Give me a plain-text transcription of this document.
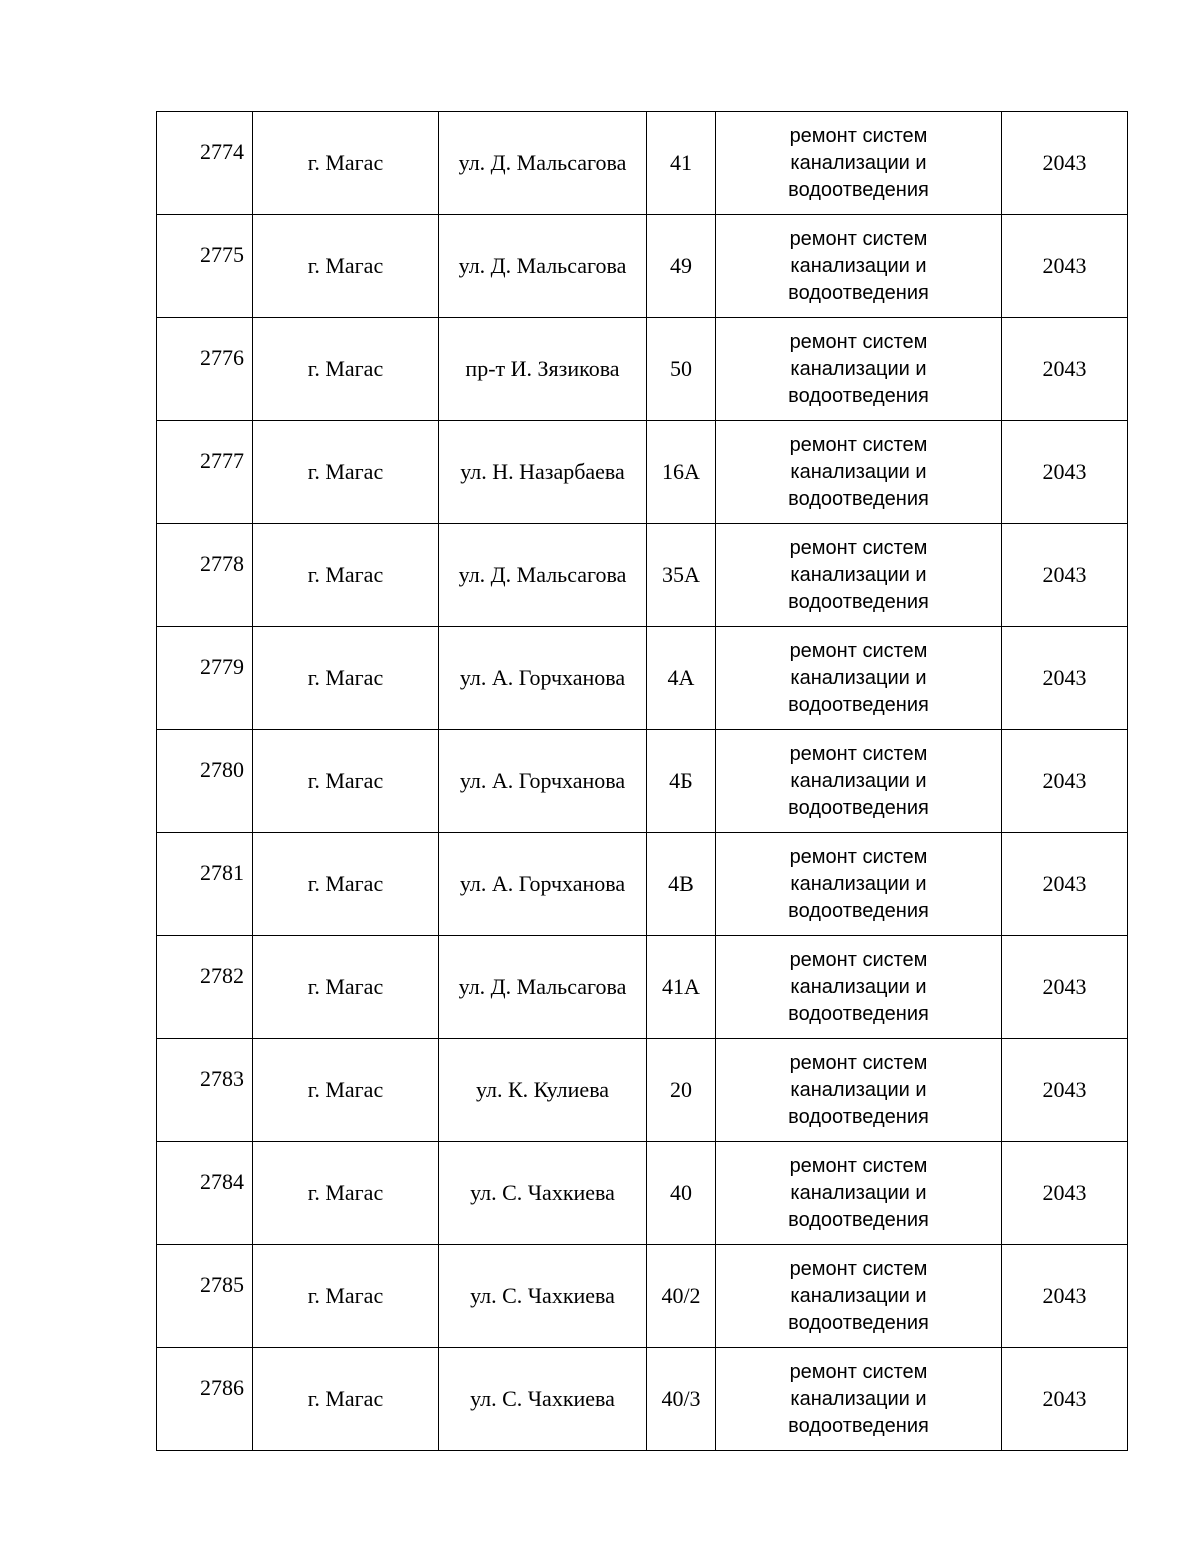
2774	г. Магас	ул. Д. Мальсагова	41	ремонт систем
канализации и
водоотведения	2043
2775	г. Магас	ул. Д. Мальсагова	49	ремонт систем
канализации и
водоотведения	2043
2776	г. Магас	пр-т И. Зязикова	50	ремонт систем
канализации и
водоотведения	2043
2777	г. Магас	ул. Н. Назарбаева	16А	ремонт систем
канализации и
водоотведения	2043
2778	г. Магас	ул. Д. Мальсагова	35А	ремонт систем
канализации и
водоотведения	2043
2779	г. Магас	ул. А. Горчханова	4А	ремонт систем
канализации и
водоотведения	2043
2780	г. Магас	ул. А. Горчханова	4Б	ремонт систем
канализации и
водоотведения	2043
2781	г. Магас	ул. А. Горчханова	4В	ремонт систем
канализации и
водоотведения	2043
2782	г. Магас	ул. Д. Мальсагова	41А	ремонт систем
канализации и
водоотведения	2043
2783	г. Магас	ул. К. Кулиева	20	ремонт систем
канализации и
водоотведения	2043
2784	г. Магас	ул. С. Чахкиева	40	ремонт систем
канализации и
водоотведения	2043
2785	г. Магас	ул. С. Чахкиева	40/2	ремонт систем
канализации и
водоотведения	2043
2786	г. Магас	ул. С. Чахкиева	40/3	ремонт систем
канализации и
водоотведения	2043
